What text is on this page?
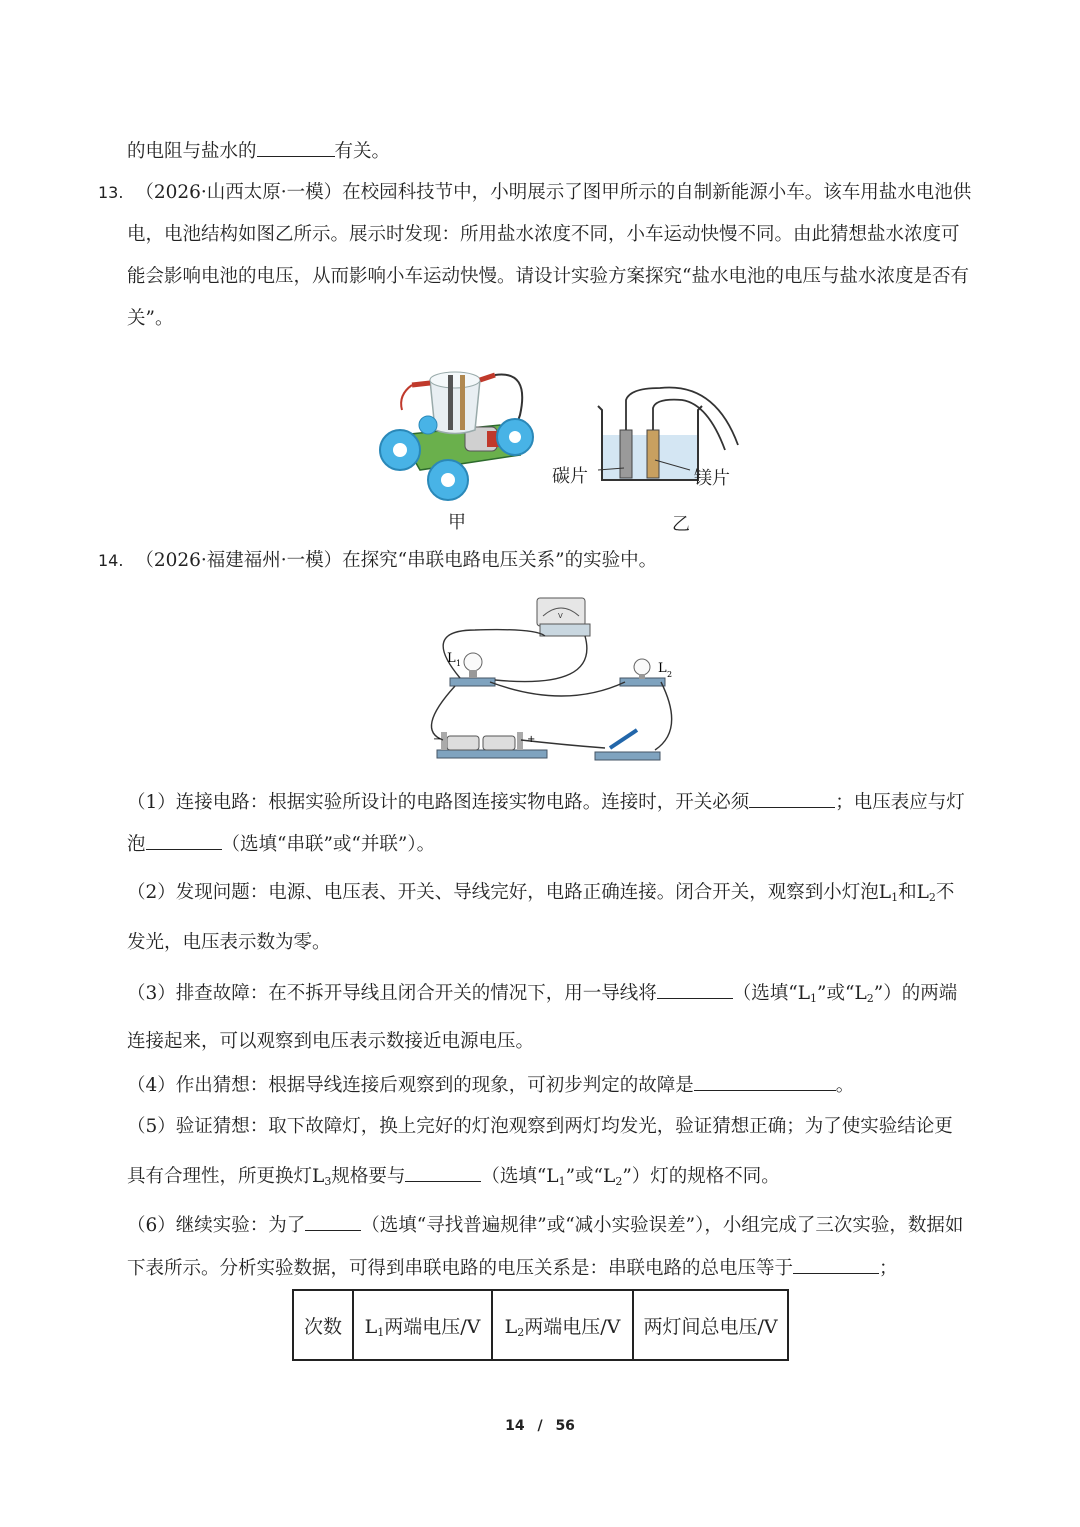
的电阻与盐水的	有关。
13. （2026·山西太原·一模）在校园科技节中，小明展示了图甲所示的自制新能源小车。该车用盐水电池供
电，电池结构如图乙所示。展示时发现：所用盐水浓度不同，小车运动快慢不同。由此猜想盐水浓度可
能会影响电池的电压，从而影响小车运动快慢。请设计实验方案探究“盐水电池的电压与盐水浓度是否有
关”。
甲
碳片	镁片
乙
14. （2026·福建福州·一模）在探究“串联电路电压关系”的实验中。
V
L 1	L 2
−	+
（1）连接电路：根据实验所设计的电路图连接实物电路。连接时，开关必须	；电压表应与灯
泡	（选填“串联”或“并联”）。
（2）发现问题：电源、电压表、开关、导线完好，电路正确连接。闭合开关，观察到小灯泡$L_1$和$L_2$不
发光，电压表示数为零。
（3）排查故障：在不拆开导线且闭合开关的情况下，用一导线将	（选填“$L_1$”或“$L_2$”）的两端
连接起来，可以观察到电压表示数接近电源电压。
（4）作出猜想：根据导线连接后观察到的现象，可初步判定的故障是	。
（5）验证猜想：取下故障灯，换上完好的灯泡观察到两灯均发光，验证猜想正确；为了使实验结论更
具有合理性，所更换灯$L_3$规格要与	（选填“$L_1$”或“$L_2$”）灯的规格不同。
（6）继续实验：为了	（选填“寻找普遍规律”或“减小实验误差”），小组完成了三次实验，数据如
下表所示。分析实验数据，可得到串联电路的电压关系是：串联电路的总电压等于	；
次数	$L_1$两端电压/V	$L_2$两端电压/V	两灯间总电压/V
14 / 56
